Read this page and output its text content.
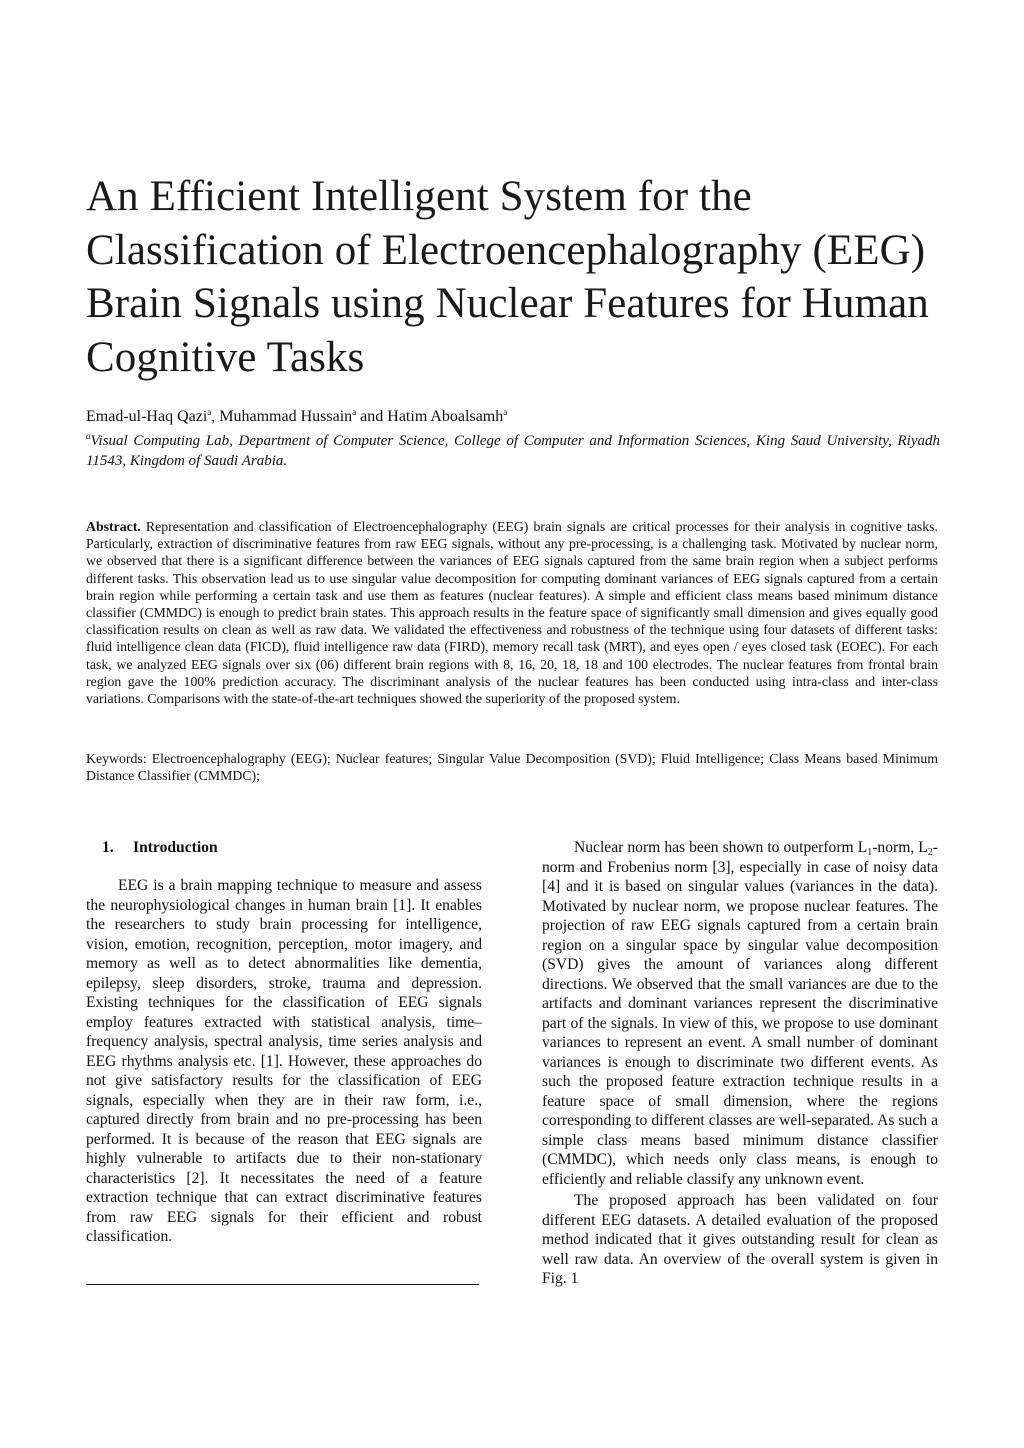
An Efficient Intelligent System for the
Classification of Electroencephalography (EEG)
Brain Signals using Nuclear Features for Human
Cognitive Tasks
Emad-ul-Haq Qazi$^a$, Muhammad Hussain$^a$ and Hatim Aboalsamh$^a$
$^a$Visual Computing Lab, Department of Computer Science, College of Computer and Information Sciences, King Saud University, Riyadh 11543, Kingdom of Saudi Arabia.

Abstract. Representation and classification of Electroencephalography (EEG) brain signals are critical processes for their analysis in cognitive tasks. Particularly, extraction of discriminative features from raw EEG signals, without any pre-processing, is a challenging task. Motivated by nuclear norm, we observed that there is a significant difference between the variances of EEG signals captured from the same brain region when a subject performs different tasks. This observation lead us to use singular value decomposition for computing dominant variances of EEG signals captured from a certain brain region while performing a certain task and use them as features (nuclear features). A simple and efficient class means based minimum distance classifier (CMMDC) is enough to predict brain states. This approach results in the feature space of significantly small dimension and gives equally good classification results on clean as well as raw data. We validated the effectiveness and robustness of the technique using four datasets of different tasks: fluid intelligence clean data (FICD), fluid intelligence raw data (FIRD), memory recall task (MRT), and eyes open / eyes closed task (EOEC). For each task, we analyzed EEG signals over six (06) different brain regions with 8, 16, 20, 18, 18 and 100 electrodes. The nuclear features from frontal brain region gave the 100% prediction accuracy. The discriminant analysis of the nuclear features has been conducted using intra-class and inter-class variations. Comparisons with the state-of-the-art techniques showed the superiority of the proposed system.

Keywords: Electroencephalography (EEG); Nuclear features; Singular Value Decomposition (SVD); Fluid Intelligence; Class Means based Minimum Distance Classifier (CMMDC);

1. Introduction

EEG is a brain mapping technique to measure and assess the neurophysiological changes in human brain [1]. It enables the researchers to study brain processing for intelligence, vision, emotion, recognition, perception, motor imagery, and memory as well as to detect abnormalities like dementia, epilepsy, sleep disorders, stroke, trauma and depression. Existing techniques for the classification of EEG signals employ features extracted with statistical analysis, time–frequency analysis, spectral analysis, time series analysis and EEG rhythms analysis etc. [1]. However, these approaches do not give satisfactory results for the classification of EEG signals, especially when they are in their raw form, i.e., captured directly from brain and no pre-processing has been performed. It is because of the reason that EEG signals are highly vulnerable to artifacts due to their non-stationary characteristics [2]. It necessitates the need of a feature extraction technique that can extract discriminative features from raw EEG signals for their efficient and robust classification.

Nuclear norm has been shown to outperform $L_1$-norm, $L_2$-norm and Frobenius norm [3], especially in case of noisy data [4] and it is based on singular values (variances in the data). Motivated by nuclear norm, we propose nuclear features. The projection of raw EEG signals captured from a certain brain region on a singular space by singular value decomposition (SVD) gives the amount of variances along different directions. We observed that the small variances are due to the artifacts and dominant variances represent the discriminative part of the signals. In view of this, we propose to use dominant variances to represent an event. A small number of dominant variances is enough to discriminate two different events. As such the proposed feature extraction technique results in a feature space of small dimension, where the regions corresponding to different classes are well-separated. As such a simple class means based minimum distance classifier (CMMDC), which needs only class means, is enough to efficiently and reliable classify any unknown event.

The proposed approach has been validated on four different EEG datasets. A detailed evaluation of the proposed method indicated that it gives outstanding result for clean as well raw data. An overview of the overall system is given in Fig. 1
